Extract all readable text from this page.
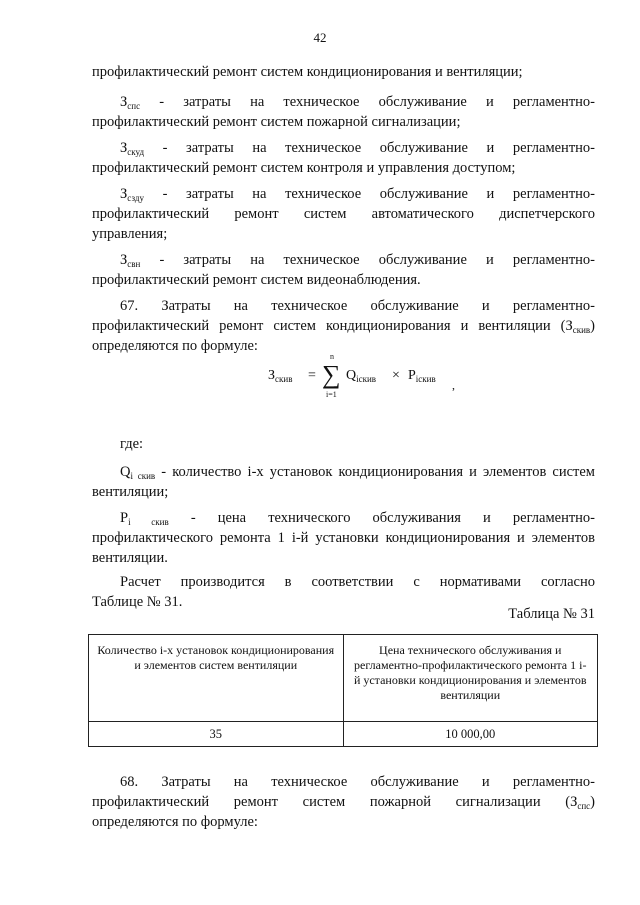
42
профилактический ремонт систем кондиционирования и вентиляции;
$З_{спс}$ - затраты на техническое обслуживание и регламентно-
профилактический ремонт систем пожарной сигнализации;
$З_{скуд}$ - затраты на техническое обслуживание и регламентно-
профилактический ремонт систем контроля и управления доступом;
$З_{сзду}$ - затраты на техническое обслуживание и регламентно-
профилактический ремонт систем автоматического диспетчерского
управления;
$З_{свн}$ - затраты на техническое обслуживание и регламентно-
профилактический ремонт систем видеонаблюдения.
67. Затраты на техническое обслуживание и регламентно-
профилактический ремонт систем кондиционирования и вентиляции $(З_{скив})$
определяются по формуле:
$З_{скив}$ =
n
∑
i=1
$Q_{iскив} \times P_{iскив}$ ,
где:
$Q_{i скив}$ - количество i-х установок кондиционирования и элементов систем
вентиляции;
$P_{i скив}$ - цена технического обслуживания и регламентно-
профилактического ремонта 1 i-й установки кондиционирования и элементов
вентиляции.
Расчет производится в соответствии с нормативами согласно
Таблице № 31.
Таблица № 31
Количество i-х установок кондиционирования и элементов систем вентиляции	Цена технического обслуживания и регламентно-профилактического ремонта 1 i-й установки кондиционирования и элементов вентиляции
35	10 000,00
68. Затраты на техническое обслуживание и регламентно-
профилактический ремонт систем пожарной сигнализации $(З_{спс})$
определяются по формуле:
